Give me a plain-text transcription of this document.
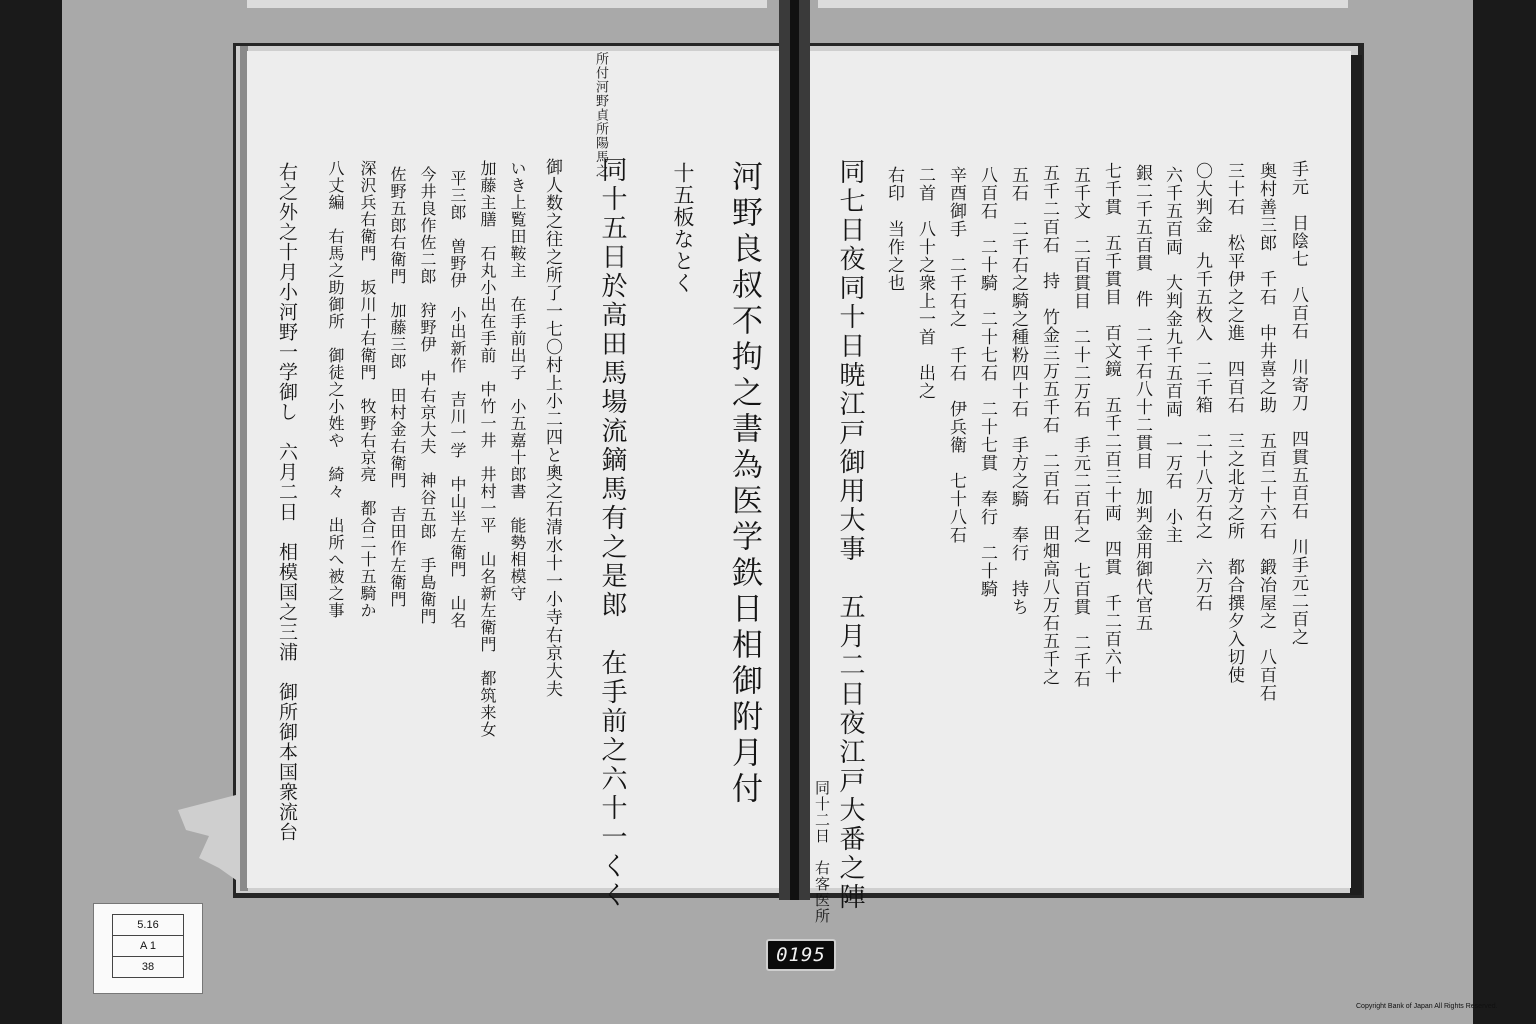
所付河野貞所陽馬之
河野良叔不拘之書為医学鉄日相御附月付
十五板なとく
同十五日於高田馬場流鏑馬有之是郎　在手前之六十一くく
御人数之往之所了一七〇村上小二四と奧之石清水十一小寺右京大夫
いき上覧田鞍主　在手前出子　小五嘉十郎書　能勢相模守
加藤主膳　石丸小出在手前　中竹一井　井村一平　山名新左衛門　都筑来女
平三郎　曽野伊　小出新作　吉川一学　中山半左衛門　山名
今井良作佐二郎　狩野伊　中右京大夫　神谷五郎　手島衛門
佐野五郎右衛門　加藤三郎　田村金右衛門　吉田作左衛門
深沢兵右衛門　坂川十右衛門　牧野右京亮　都合二十五騎か
八丈編　右馬之助御所　御徒之小姓や　綺々　出所へ被之事
右之外之十月小河野一学御し　六月二日　相模国之三浦　御所御本国衆流台	手元　日陰七　八百石　川寄刀　四貫五百石　川手元二百之
奥村善三郎　千石　中井喜之助　五百二十六石　鍛冶屋之　八百石
三十石　松平伊之之進　四百石　三之北方之所　都合撰夕入切使
〇大判金　九千五枚入　二千箱　二十八万石之　六万石
六千五百両　大判金九千五百両　一万石　小主
銀二千五百貫　件　二千石八十二貫目　加判金用御代官五
七千貫　五千貫目　百文鏡　五千二百三十両　四貫　千二百六十
五千文　二百貫目　二十二万石　手元二百石之　七百貫　二千石
五千二百石　持　竹金三万五千石　二百石　田畑高八万石五千之
五石　二千石之騎之種粉四十石　手方之騎　奉行　持ち
八百石　二十騎　二十七石　二十七貫　奉行　二十騎
辛酉御手　二千石之　千石　伊兵衛　七十八石
二首　八十之衆上一首　出之
右印　当作之也
同七日夜同十日暁江戸御用大事　五月二日夜江戸大番之陣
同十二日　右客医所
5.16
A 1
38
0195
Copyright Bank of Japan All Rights Reserved.
